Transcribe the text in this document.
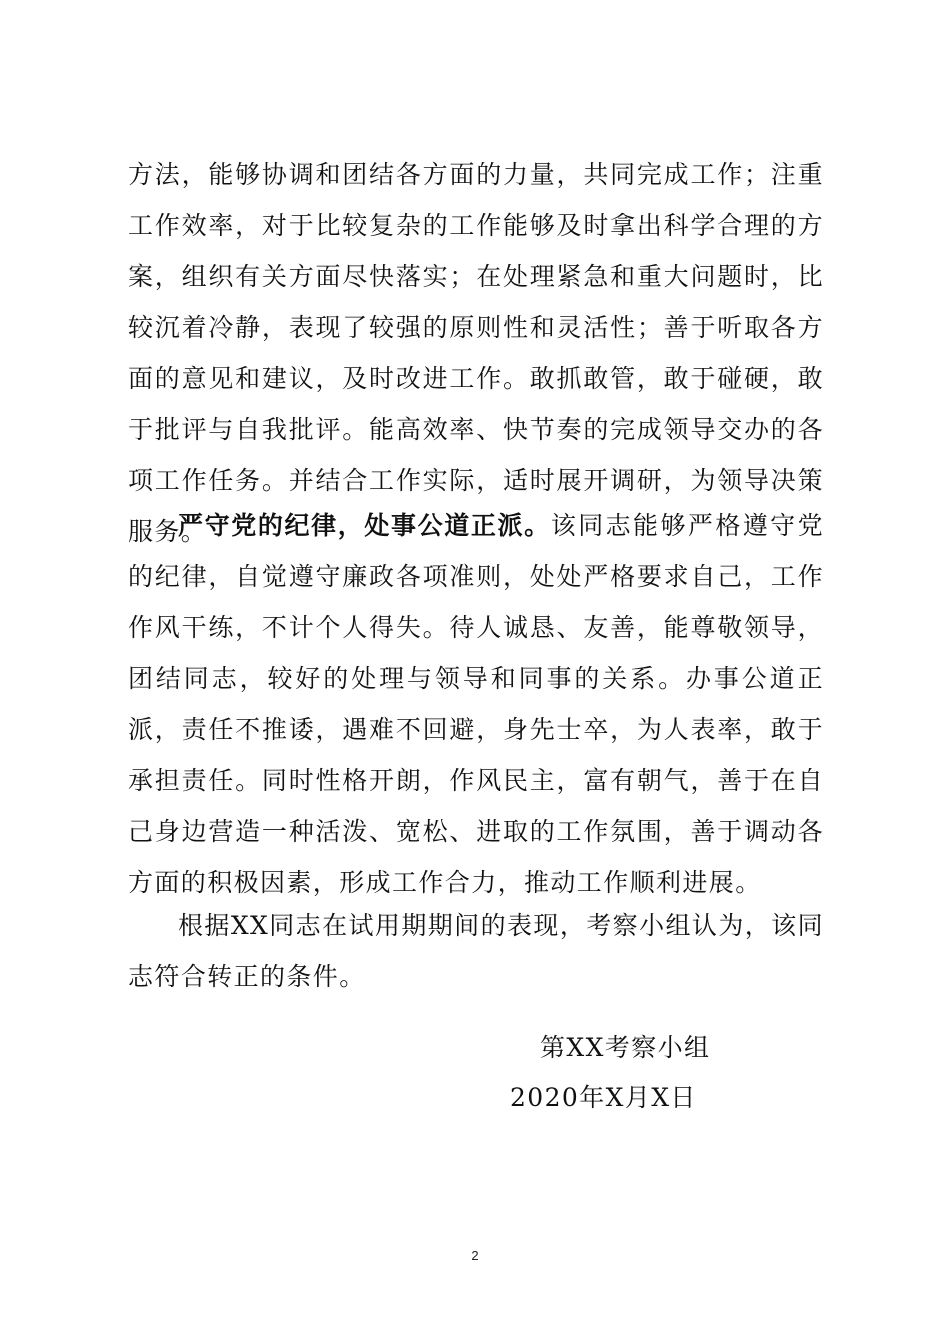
方法，能够协调和团结各方面的力量，共同完成工作；注重工作效率，对于比较复杂的工作能够及时拿出科学合理的方案，组织有关方面尽快落实；在处理紧急和重大问题时，比较沉着冷静，表现了较强的原则性和灵活性；善于听取各方面的意见和建议，及时改进工作。敢抓敢管，敢于碰硬，敢于批评与自我批评。能高效率、快节奏的完成领导交办的各项工作任务。并结合工作实际，适时展开调研，为领导决策服务。

严守党的纪律，处事公道正派。该同志能够严格遵守党的纪律，自觉遵守廉政各项准则，处处严格要求自己，工作作风干练，不计个人得失。待人诚恳、友善，能尊敬领导，团结同志，较好的处理与领导和同事的关系。办事公道正派，责任不推诿，遇难不回避，身先士卒，为人表率，敢于承担责任。同时性格开朗，作风民主，富有朝气，善于在自己身边营造一种活泼、宽松、进取的工作氛围，善于调动各方面的积极因素，形成工作合力，推动工作顺利进展。

根据XX同志在试用期期间的表现，考察小组认为，该同志符合转正的条件。

第XX考察小组
2020年X月X日
2
